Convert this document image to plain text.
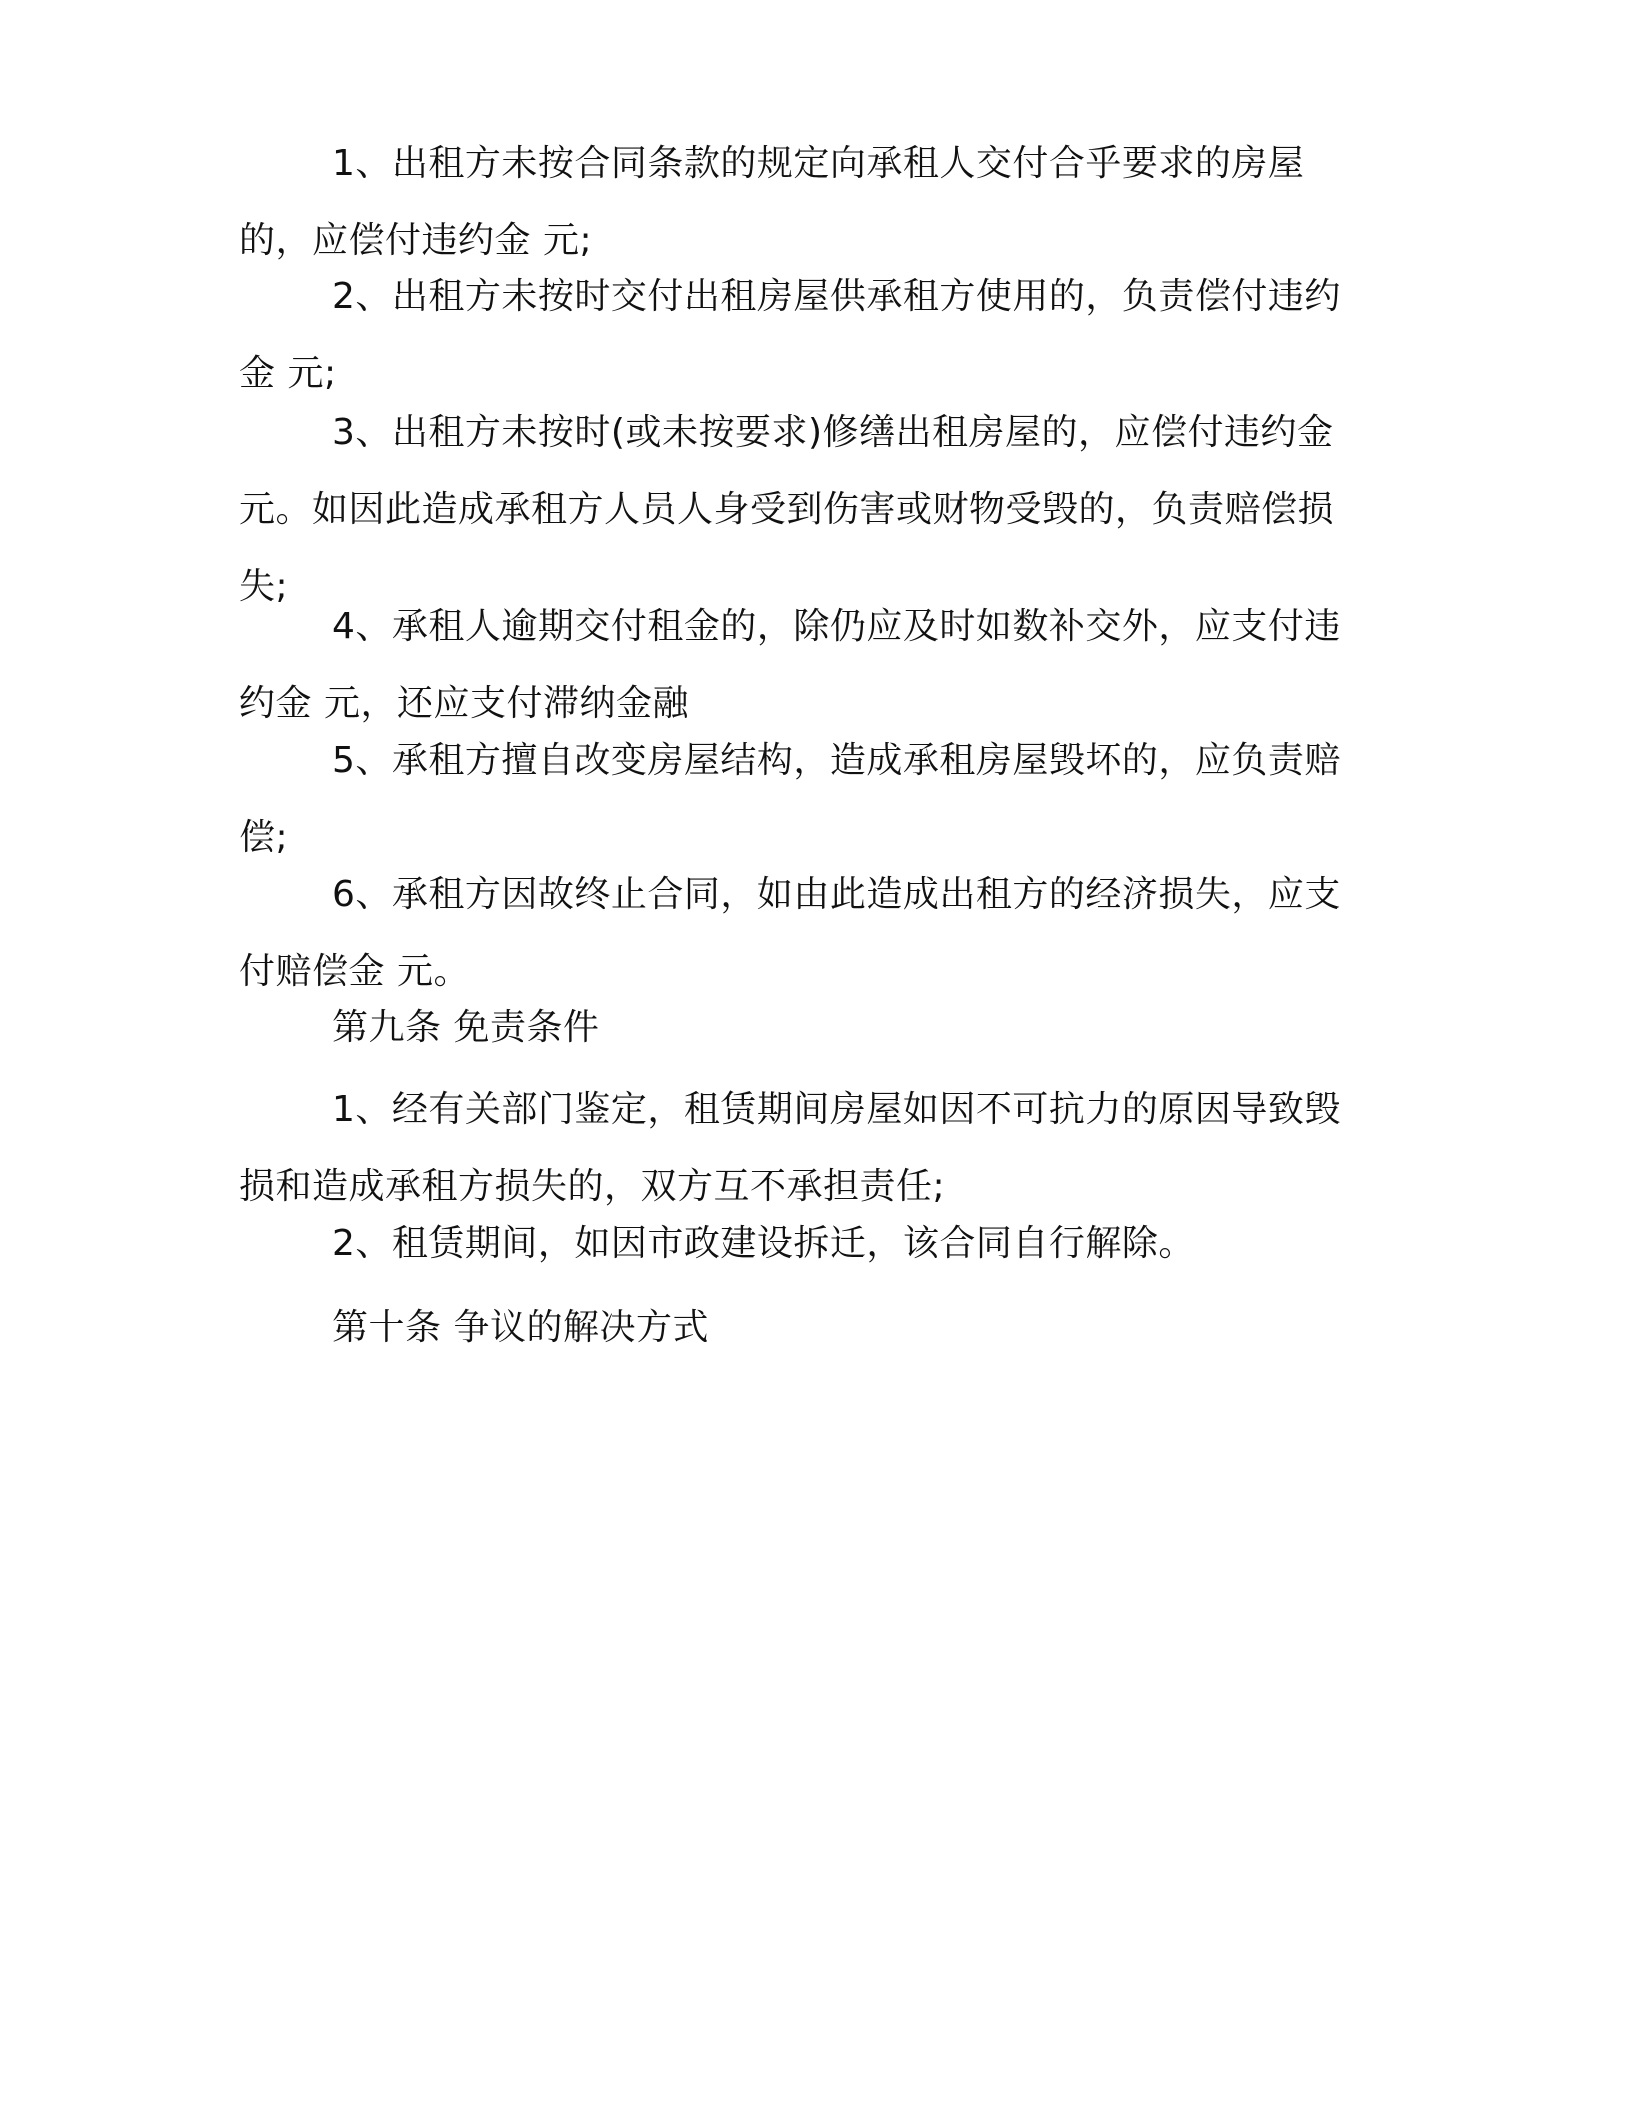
1、出租方未按合同条款的规定向承租人交付合乎要求的房屋的，应偿付违约金 元;

2、出租方未按时交付出租房屋供承租方使用的，负责偿付违约金 元;

3、出租方未按时(或未按要求)修缮出租房屋的，应偿付违约金 元。如因此造成承租方人员人身受到伤害或财物受毁的，负责赔偿损失;

4、承租人逾期交付租金的，除仍应及时如数补交外，应支付违约金 元，还应支付滞纳金融

5、承租方擅自改变房屋结构，造成承租房屋毁坏的，应负责赔偿;

6、承租方因故终止合同，如由此造成出租方的经济损失，应支付赔偿金 元。

第九条 免责条件

1、经有关部门鉴定，租赁期间房屋如因不可抗力的原因导致毁损和造成承租方损失的，双方互不承担责任;

2、租赁期间，如因市政建设拆迁，该合同自行解除。

第十条 争议的解决方式
